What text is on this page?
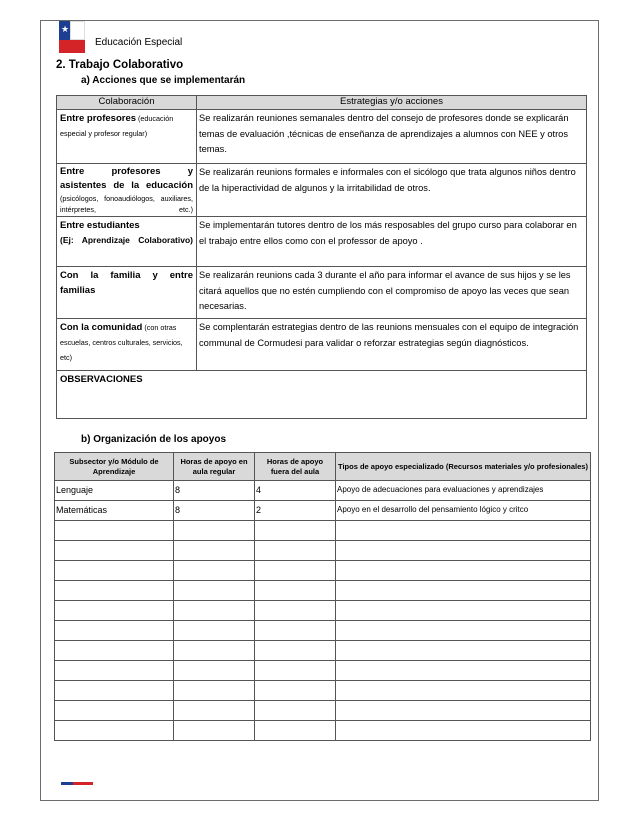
★
Educación Especial
2. Trabajo Colaborativo
a) Acciones que se implementarán
Colaboración	Estrategias y/o acciones
Entre profesores (educación especial y profesor regular)	Se realizarán reuniones semanales dentro del consejo de profesores donde se explicarán temas de evaluación ,técnicas de enseñanza de aprendizajes a alumnos con NEE y otros temas.

Entre profesores y asistentes de la educación
(psicólogos, fonoaudiólogos, auxiliares, intérpretes, etc.)	Se realizarán reunions formales e informales con el sicólogo que trata algunos niños dentro de la hiperactividad de algunos y la irritabilidad de otros.

Entre estudiantes
(Ej: Aprendizaje Colaborativo)	Se implementarán tutores dentro de los más resposables del grupo curso para colaborar en el trabajo entre ellos como con el professor de apoyo .

Con la familia y entre familias	Se realizarán reunions cada 3 durante el año para informar el avance de sus hijos y se les citará aquellos que no estén cumpliendo con el compromiso de apoyo las veces que sean necesarias.
Con la comunidad (con otras escuelas, centros culturales, servicios, etc)	Se complentarán estrategias dentro de las reunions mensuales con el equipo de integración communal de Cormudesi para validar o reforzar estrategias según diagnósticos.
OBSERVACIONES	
b) Organización de los apoyos
Subsector y/o Módulo de Aprendizaje	Horas de apoyo en aula regular	Horas de apoyo fuera del aula	Tipos de apoyo especializado (Recursos materiales y/o profesionales)
Lenguaje	8	4	Apoyo de adecuaciones para evaluaciones y aprendizajes
Matemáticas	8	2	Apoyo en el desarrollo del pensamiento lógico y critco
